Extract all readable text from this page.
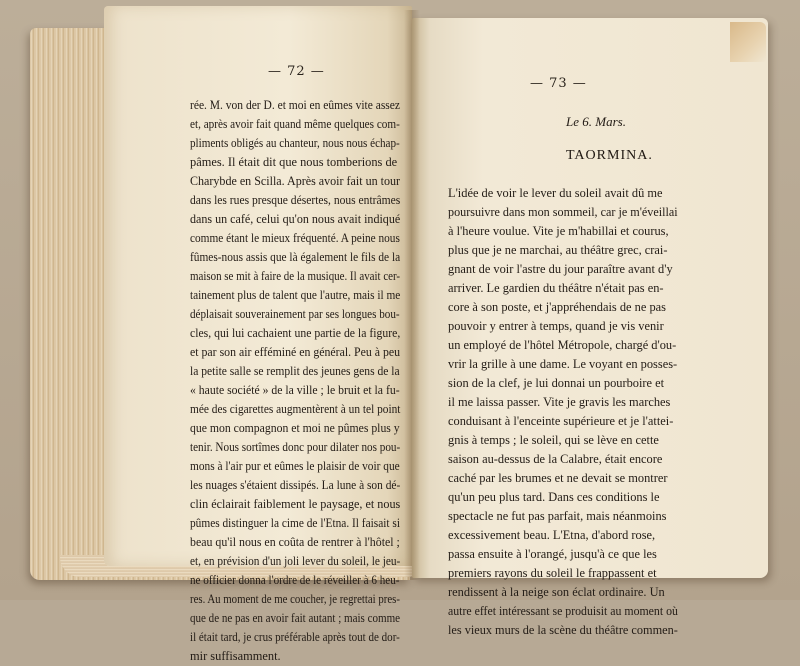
— 72 —
— 73 —
rée. M. von der D. et moi en eûmes vite assez
et, après avoir fait quand même quelques com-
pliments obligés au chanteur, nous nous échap-
pâmes. Il était dit que nous tomberions de
Charybde en Scilla. Après avoir fait un tour
dans les rues presque désertes, nous entrâmes
dans un café, celui qu'on nous avait indiqué
comme étant le mieux fréquenté. A peine nous
fûmes-nous assis que là également le fils de la
maison se mit à faire de la musique. Il avait cer-
tainement plus de talent que l'autre, mais il me
déplaisait souverainement par ses longues bou-
cles, qui lui cachaient une partie de la figure,
et par son air efféminé en général. Peu à peu
la petite salle se remplit des jeunes gens de la
« haute société » de la ville ; le bruit et la fu-
mée des cigarettes augmentèrent à un tel point
que mon compagnon et moi ne pûmes plus y
tenir. Nous sortîmes donc pour dilater nos pou-
mons à l'air pur et eûmes le plaisir de voir que
les nuages s'étaient dissipés. La lune à son dé-
clin éclairait faiblement le paysage, et nous
pûmes distinguer la cime de l'Etna. Il faisait si
beau qu'il nous en coûta de rentrer à l'hôtel ;
et, en prévision d'un joli lever du soleil, le jeu-
ne officier donna l'ordre de le réveiller à 6 heu-
res. Au moment de me coucher, je regrettai pres-
que de ne pas en avoir fait autant ; mais comme
il était tard, je crus préférable après tout de dor-
mir suffisamment.
Le 6. Mars.
TAORMINA.
L'idée de voir le lever du soleil avait dû me
poursuivre dans mon sommeil, car je m'éveillai
à l'heure voulue. Vite je m'habillai et courus,
plus que je ne marchai, au théâtre grec, crai-
gnant de voir l'astre du jour paraître avant d'y
arriver. Le gardien du théâtre n'était pas en-
core à son poste, et j'appréhendais de ne pas
pouvoir y entrer à temps, quand je vis venir
un employé de l'hôtel Métropole, chargé d'ou-
vrir la grille à une dame. Le voyant en posses-
sion de la clef, je lui donnai un pourboire et
il me laissa passer. Vite je gravis les marches
conduisant à l'enceinte supérieure et je l'attei-
gnis à temps ; le soleil, qui se lève en cette
saison au-dessus de la Calabre, était encore
caché par les brumes et ne devait se montrer
qu'un peu plus tard. Dans ces conditions le
spectacle ne fut pas parfait, mais néanmoins
excessivement beau. L'Etna, d'abord rose,
passa ensuite à l'orangé, jusqu'à ce que les
premiers rayons du soleil le frappassent et
rendissent à la neige son éclat ordinaire. Un
autre effet intéressant se produisit au moment où
les vieux murs de la scène du théâtre commen-
